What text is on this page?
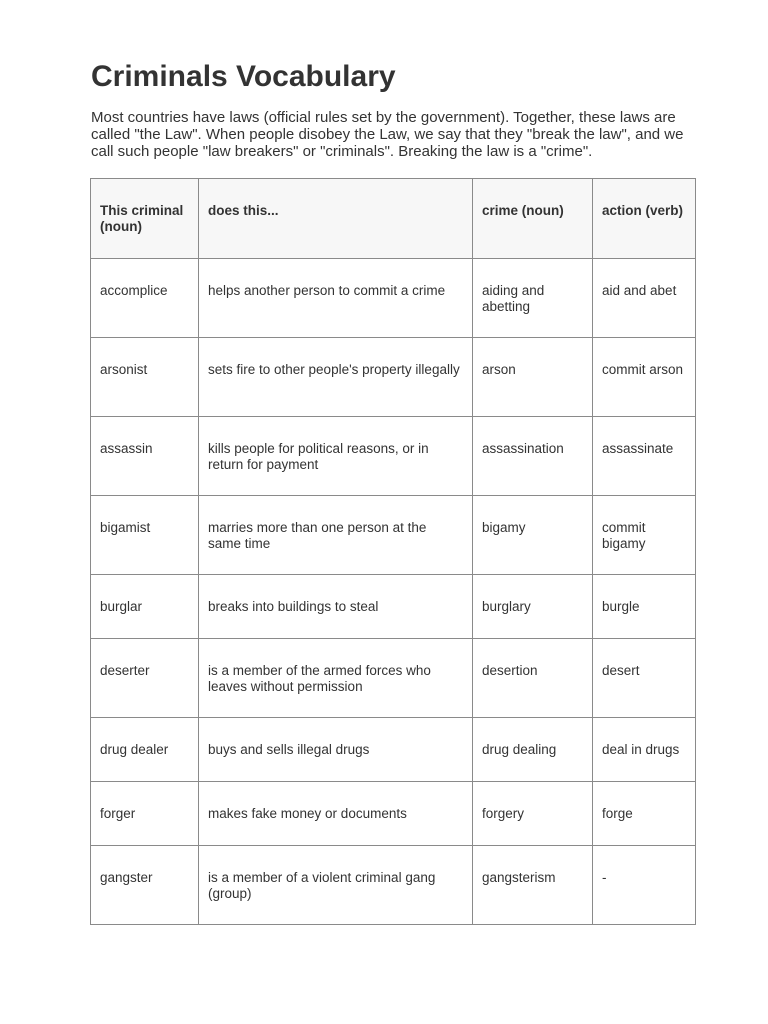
Criminals Vocabulary

Most countries have laws (official rules set by the government). Together, these laws are called "the Law". When people disobey the Law, we say that they "break the law", and we call such people "law breakers" or "criminals". Breaking the law is a "crime".

This criminal (noun)	does this...	crime (noun)	action (verb)
accomplice	helps another person to commit a crime	aiding and abetting	aid and abet
arsonist	sets fire to other people's property illegally	arson	commit arson
assassin	kills people for political reasons, or in return for payment	assassination	assassinate
bigamist	marries more than one person at the same time	bigamy	commit bigamy
burglar	breaks into buildings to steal	burglary	burgle
deserter	is a member of the armed forces who leaves without permission	desertion	desert
drug dealer	buys and sells illegal drugs	drug dealing	deal in drugs
forger	makes fake money or documents	forgery	forge
gangster	is a member of a violent criminal gang (group)	gangsterism	-
